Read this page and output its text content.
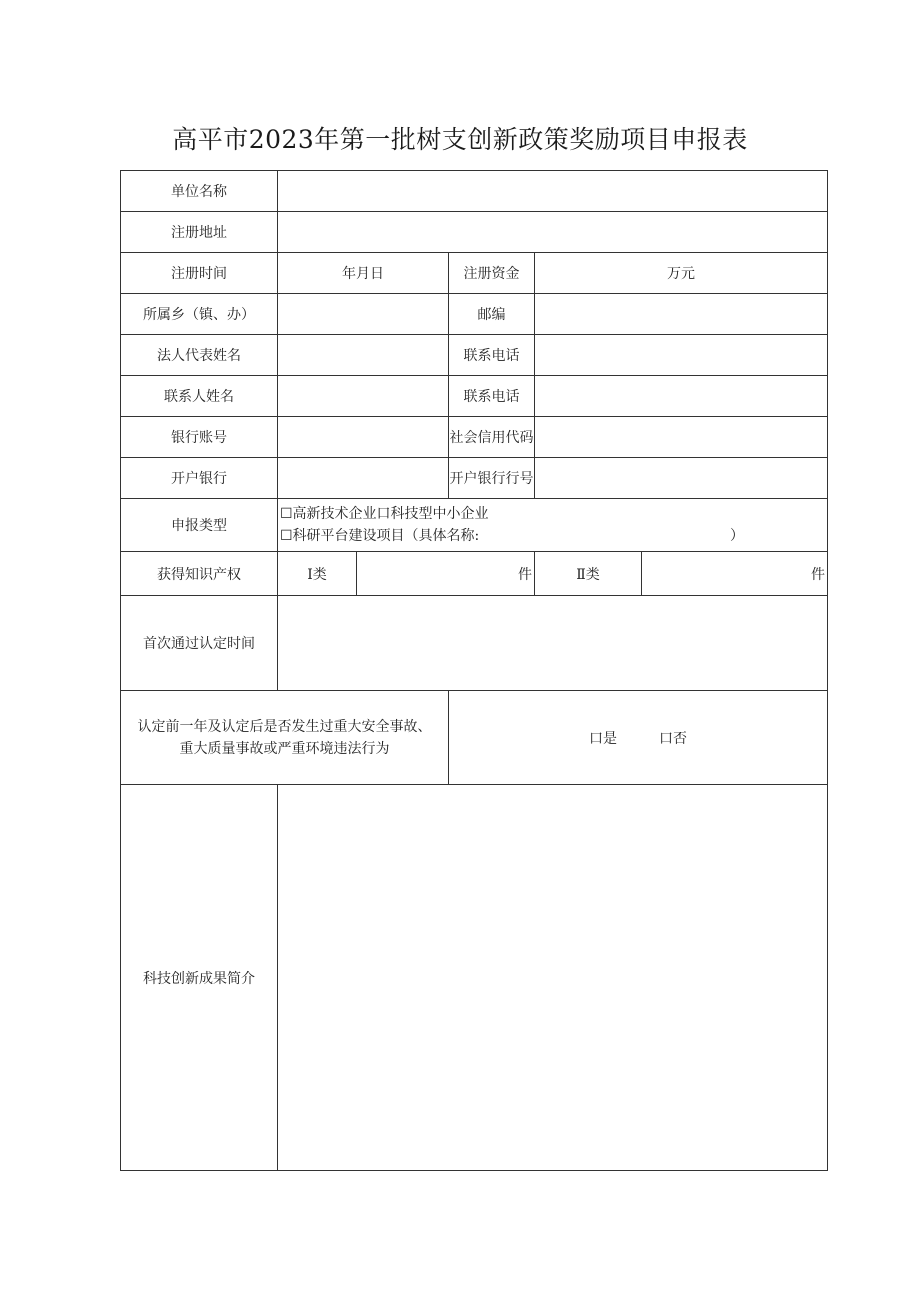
高平市2023年第一批树支创新政策奖励项目申报表
单位名称					
注册地址					
注册时间	年月日		注册资金	万元	
所属乡（镇、办）			邮编		
法人代表姓名			联系电话		
联系人姓名			联系电话		
银行账号			社会信用代码		
开户银行			开户银行行号		
申报类型	☐高新技术企业口科技型中小企业
☐科研平台建设项目（具体名称: ）				

获得知识产权	Ⅰ类	件		Ⅱ类	件
首次通过认定时间					

认定前一年及认定后是否发生过重大安全事故、
重大质量事故或严重环境违法行为			口是 口否		
科技创新成果简介					
